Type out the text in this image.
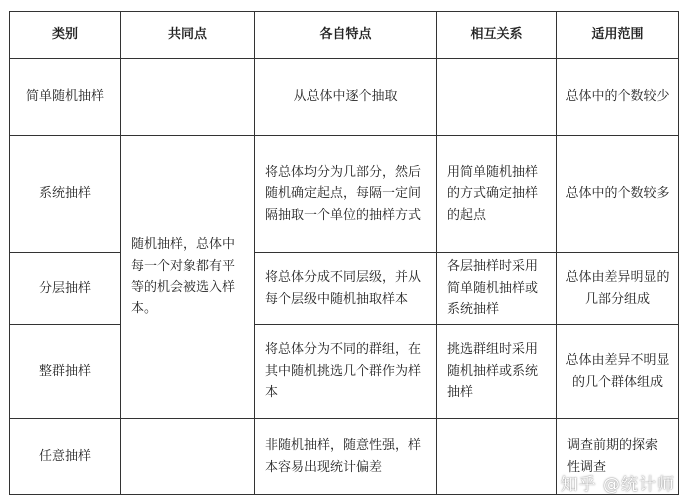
类别	共同点	各自特点	相互关系	适用范围
简单随机抽样		从总体中逐个抽取		总体中的个数较少
系统抽样	随机抽样，总体中每一个对象都有平等的机会被选入样本。	将总体均分为几部分，然后随机确定起点，每隔一定间隔抽取一个单位的抽样方式	用简单随机抽样的方式确定抽样的起点	总体中的个数较多
分层抽样		将总体分成不同层级，并从每个层级中随机抽取样本	各层抽样时采用简单随机抽样或系统抽样	总体由差异明显的几部分组成
整群抽样		将总体分为不同的群组，在其中随机挑选几个群作为样本	挑选群组时采用随机抽样或系统抽样	总体由差异不明显的几个群体组成
任意抽样		非随机抽样，随意性强，样本容易出现统计偏差		调查前期的探索性调查
知乎 @统计师
